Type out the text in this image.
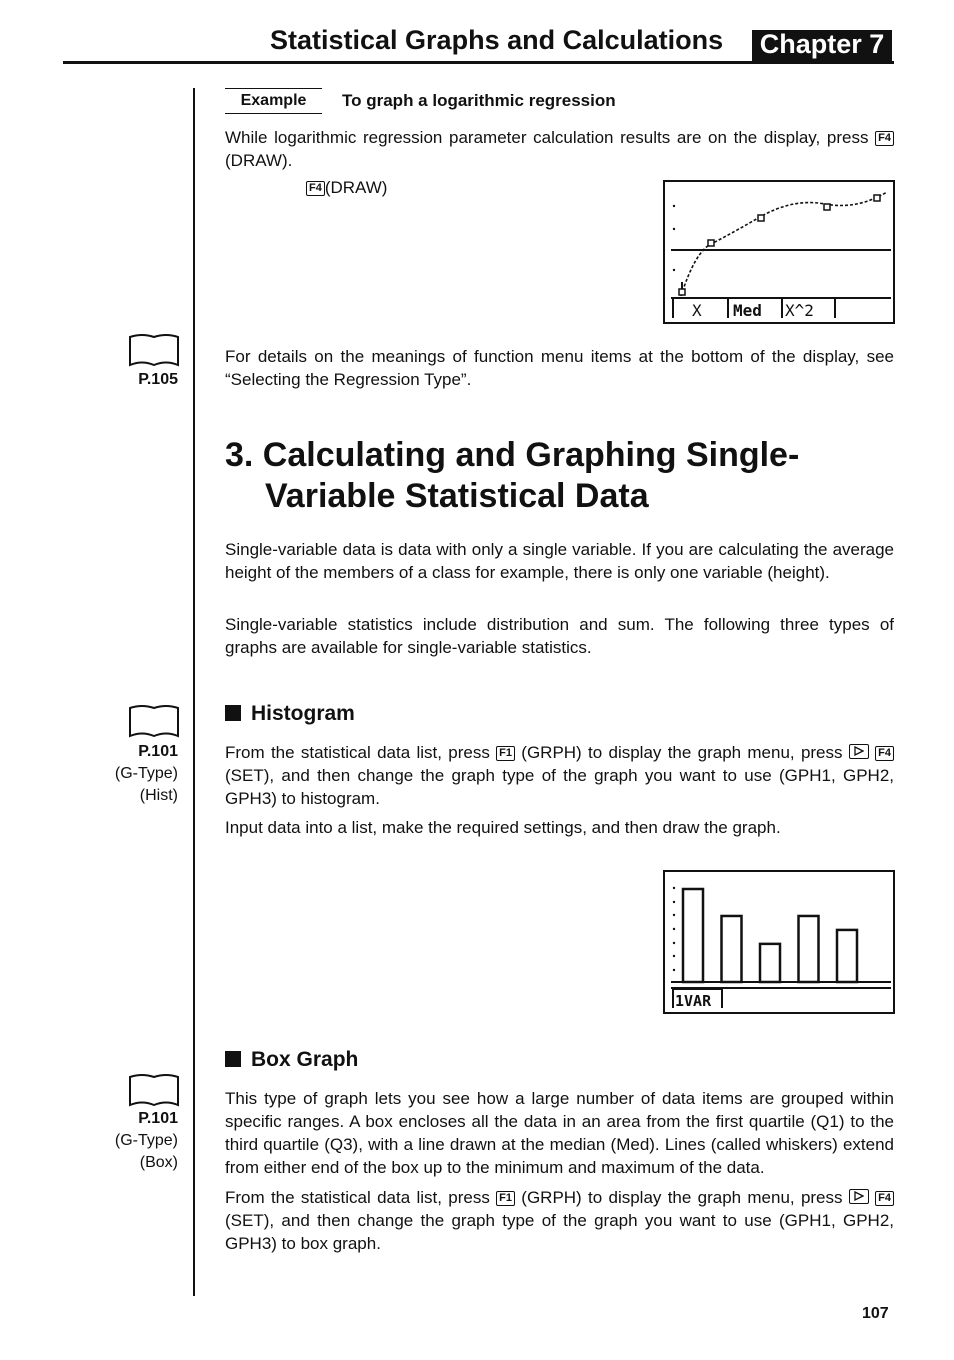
Statistical Graphs and Calculations Chapter 7
Example	To graph a logarithmic regression

While logarithmic regression parameter calculation results are on the display, press F4 (DRAW).

F4 (DRAW)
X Med X^2
P.105

For details on the meanings of function menu items at the bottom of the display, see “Selecting the Regression Type”.

3. Calculating and Graphing Single-
Variable Statistical Data

Single-variable data is data with only a single variable. If you are calculating the average height of the members of a class for example, there is only one variable (height).

Single-variable statistics include distribution and sum. The following three types of graphs are available for single-variable statistics.

Histogram
P.101
(G-Type)
(Hist)

From the statistical data list, press F1 (GRPH) to display the graph menu, press	F4 (SET), and then change the graph type of the graph you want to use (GPH1, GPH2, GPH3) to histogram.

Input data into a list, make the required settings, and then draw the graph.

1VAR
Box Graph
P.101
(G-Type)
(Box)

This type of graph lets you see how a large number of data items are grouped within specific ranges. A box encloses all the data in an area from the first quartile (Q1) to the third quartile (Q3), with a line drawn at the median (Med). Lines (called whiskers) extend from either end of the box up to the minimum and maximum of the data.

From the statistical data list, press F1 (GRPH) to display the graph menu, press	F4 (SET), and then change the graph type of the graph you want to use (GPH1, GPH2, GPH3) to box graph.

107
